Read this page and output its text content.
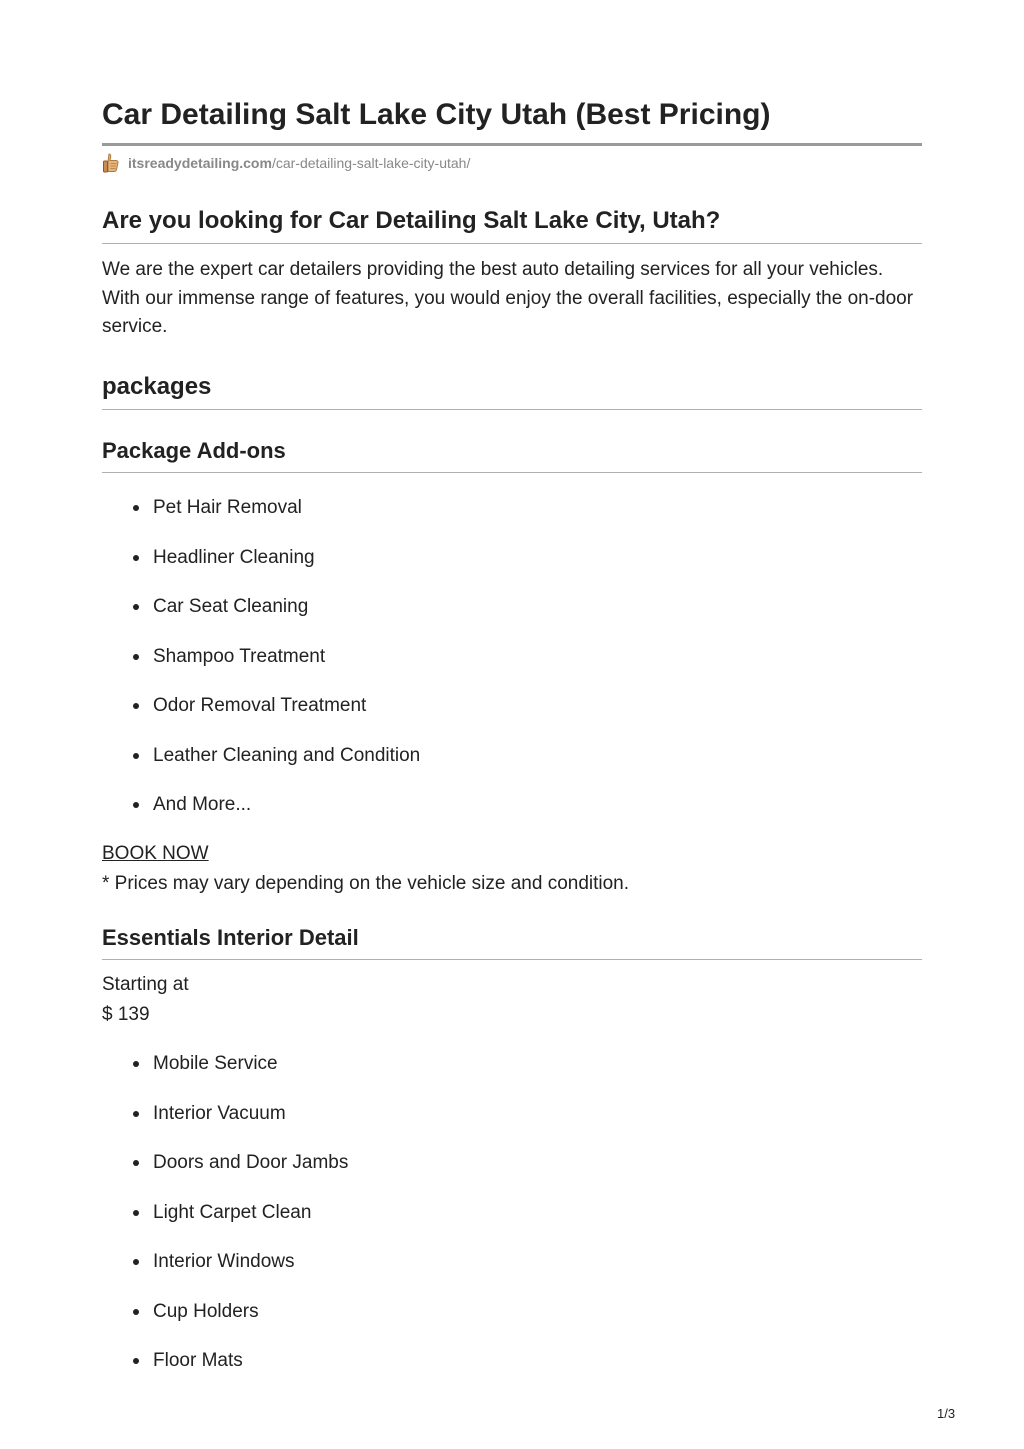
Car Detailing Salt Lake City Utah (Best Pricing)
itsreadydetailing.com /car-detailing-salt-lake-city-utah/
Are you looking for Car Detailing Salt Lake City, Utah?

We are the expert car detailers providing the best auto detailing services for all your vehicles. With our immense range of features, you would enjoy the overall facilities, especially the on-door service.

packages
Package Add-ons
Pet Hair Removal
Headliner Cleaning
Car Seat Cleaning
Shampoo Treatment
Odor Removal Treatment
Leather Cleaning and Condition
And More...
BOOK NOW
* Prices may vary depending on the vehicle size and condition.
Essentials Interior Detail
Starting at
$ 139
Mobile Service
Interior Vacuum
Doors and Door Jambs
Light Carpet Clean
Interior Windows
Cup Holders
Floor Mats
1/3
